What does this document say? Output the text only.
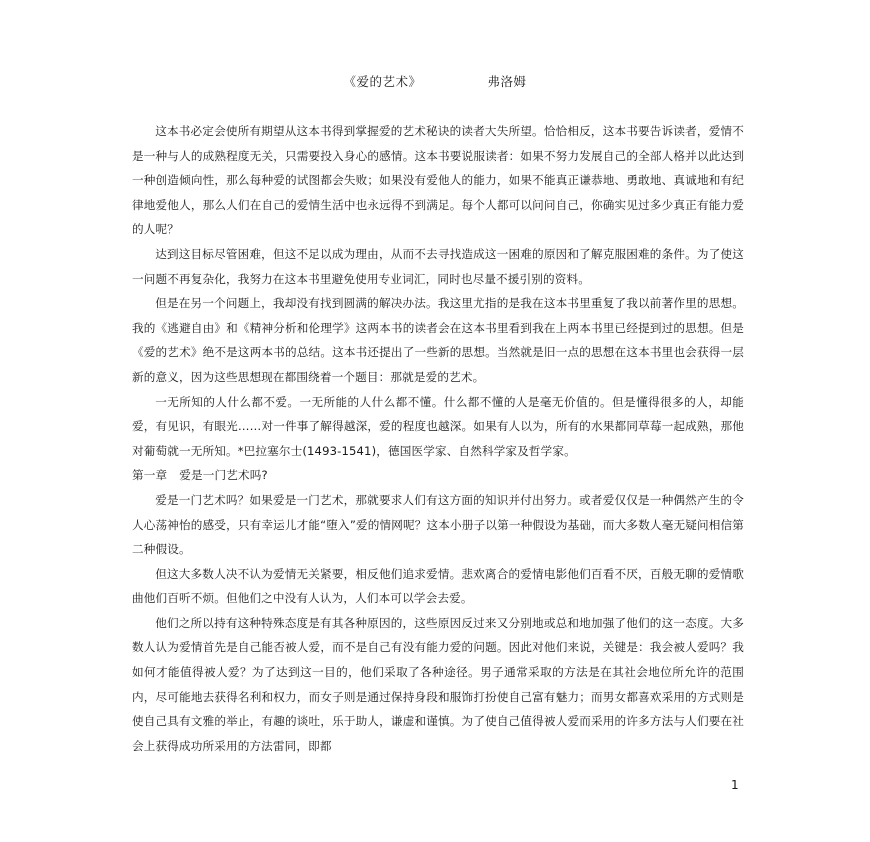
《爱的艺术》	弗洛姆

这本书必定会使所有期望从这本书得到掌握爱的艺术秘诀的读者大失所望。恰恰相反，这本书要告诉读者，爱情不是一种与人的成熟程度无关，只需要投入身心的感情。这本书要说服读者：如果不努力发展自己的全部人格并以此达到一种创造倾向性，那么每种爱的试图都会失败；如果没有爱他人的能力，如果不能真正谦恭地、勇敢地、真诚地和有纪律地爱他人，那么人们在自己的爱情生活中也永远得不到满足。每个人都可以问问自己，你确实见过多少真正有能力爱的人呢？

达到这目标尽管困难，但这不足以成为理由，从而不去寻找造成这一困难的原因和了解克服困难的条件。为了使这一问题不再复杂化，我努力在这本书里避免使用专业词汇，同时也尽量不援引别的资料。

但是在另一个问题上，我却没有找到圆满的解决办法。我这里尤指的是我在这本书里重复了我以前著作里的思想。我的《逃避自由》和《精神分析和伦理学》这两本书的读者会在这本书里看到我在上两本书里已经提到过的思想。但是《爱的艺术》绝不是这两本书的总结。这本书还提出了一些新的思想。当然就是旧一点的思想在这本书里也会获得一层新的意义，因为这些思想现在都围绕着一个题目：那就是爱的艺术。

一无所知的人什么都不爱。一无所能的人什么都不懂。什么都不懂的人是毫无价值的。但是懂得很多的人，却能爱，有见识，有眼光……对一件事了解得越深，爱的程度也越深。如果有人以为，所有的水果都同草莓一起成熟，那他对葡萄就一无所知。*巴拉塞尔士(1493-1541)，德国医学家、自然科学家及哲学家。

第一章 爱是一门艺术吗?

爱是一门艺术吗？如果爱是一门艺术，那就要求人们有这方面的知识并付出努力。或者爱仅仅是一种偶然产生的令人心荡神怡的感受，只有幸运儿才能“堕入”爱的情网呢？这本小册子以第一种假设为基础，而大多数人毫无疑问相信第二种假设。

但这大多数人决不认为爱情无关紧要，相反他们追求爱情。悲欢离合的爱情电影他们百看不厌，百般无聊的爱情歌曲他们百听不烦。但他们之中没有人认为，人们本可以学会去爱。

他们之所以持有这种特殊态度是有其各种原因的，这些原因反过来又分别地或总和地加强了他们的这一态度。大多数人认为爱情首先是自己能否被人爱，而不是自己有没有能力爱的问题。因此对他们来说，关键是：我会被人爱吗？我如何才能值得被人爱？为了达到这一目的，他们采取了各种途径。男子通常采取的方法是在其社会地位所允许的范围内，尽可能地去获得名利和权力，而女子则是通过保持身段和服饰打扮使自己富有魅力；而男女都喜欢采用的方式则是使自己具有文雅的举止，有趣的谈吐，乐于助人，谦虚和谨慎。为了使自己值得被人爱而采用的许多方法与人们要在社会上获得成功所采用的方法雷同，即都

1
